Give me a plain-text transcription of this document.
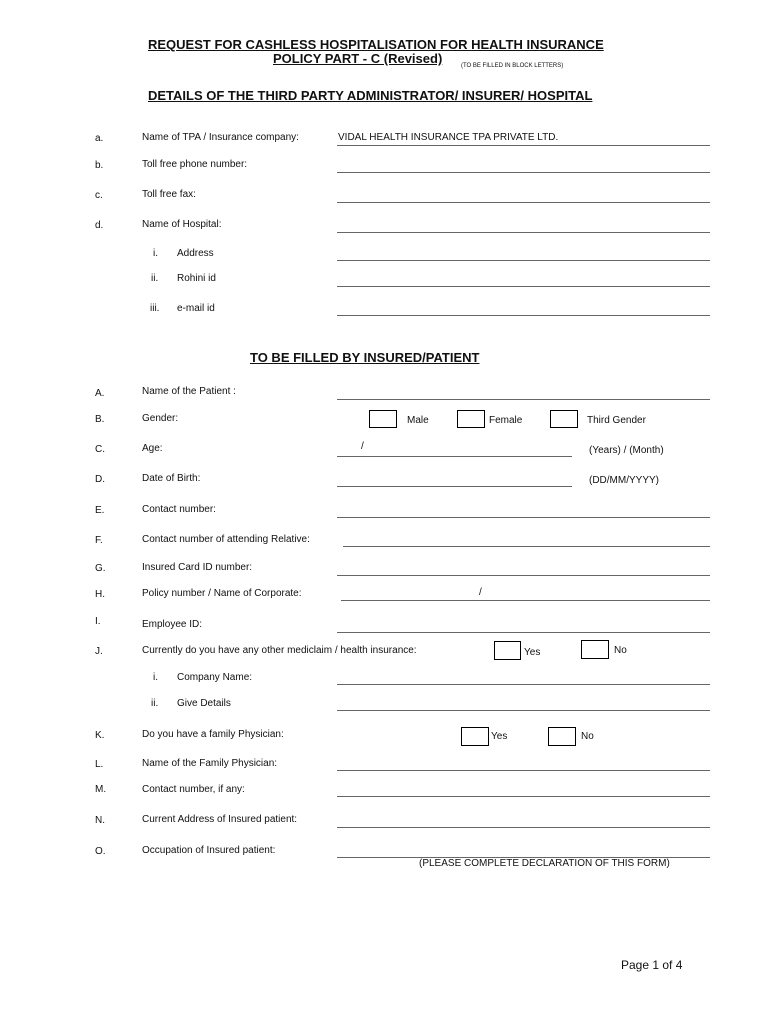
REQUEST FOR CASHLESS HOSPITALISATION FOR HEALTH INSURANCE
POLICY PART - C (Revised)	(TO BE FILLED IN BLOCK LETTERS)
DETAILS OF THE THIRD PARTY ADMINISTRATOR/ INSURER/ HOSPITAL
a.	Name of TPA / Insurance company:	VIDAL HEALTH INSURANCE TPA PRIVATE LTD.
b.	Toll free phone number:
c.	Toll free fax:
d.	Name of Hospital:
i. Address
ii. Rohini id
iii. e-mail id
TO BE FILLED BY INSURED/PATIENT
A.	Name of the Patient :
B.	Gender:	Male	Female	Third Gender
C.	Age:	/	(Years) / (Month)
D.	Date of Birth:	(DD/MM/YYYY)
E.	Contact number:
F.	Contact number of attending Relative:
G.	Insured Card ID number:
H.	Policy number / Name of Corporate:	/
I.	Employee ID:
J.	Currently do you have any other mediclaim / health insurance:	Yes	No
i. Company Name:
ii. Give Details
K.	Do you have a family Physician:	Yes	No
L.	Name of the Family Physician:
M.	Contact number, if any:
N.	Current Address of Insured patient:
O.	Occupation of Insured patient:
(PLEASE COMPLETE DECLARATION OF THIS FORM)
Page 1 of 4
